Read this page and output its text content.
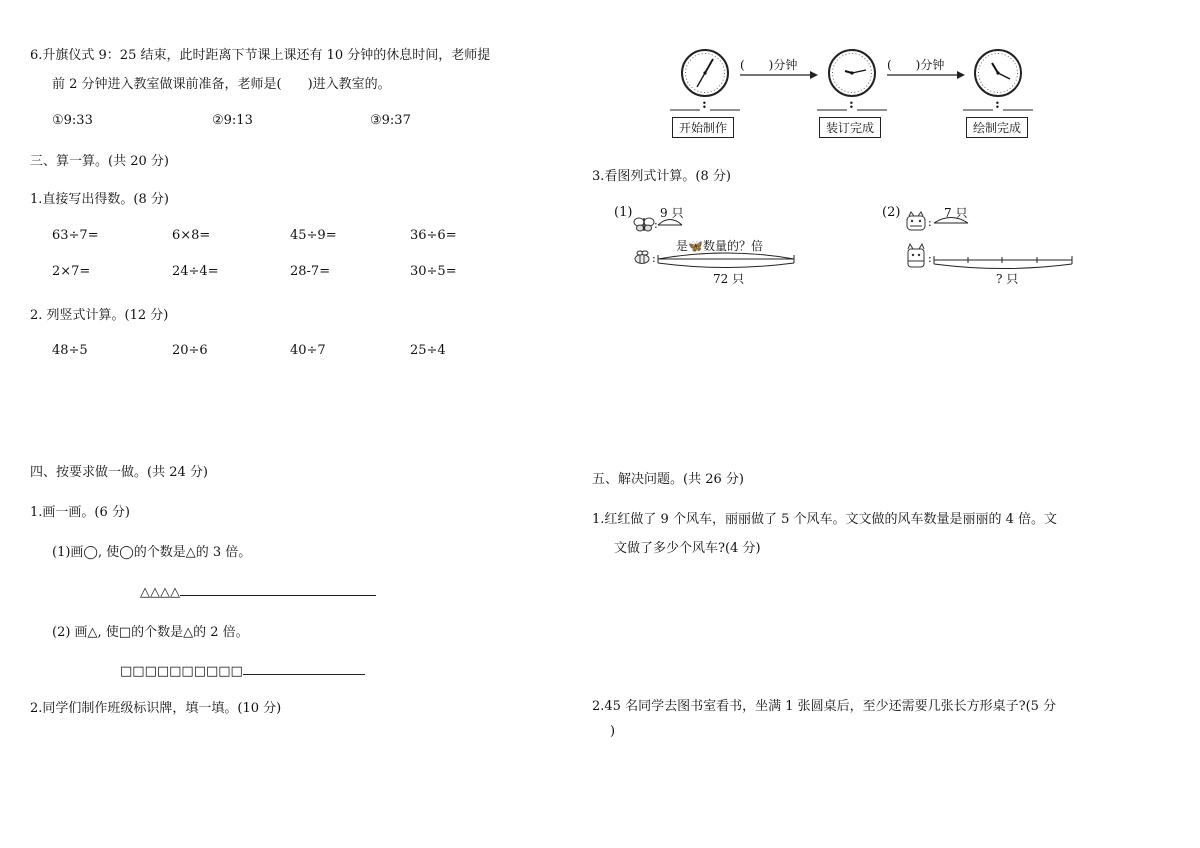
6.升旗仪式 9：25 结束，此时距离下节课上课还有 10 分钟的休息时间，老师提
前 2 分钟进入教室做课前准备，老师是(　　)进入教室的。
①9:33	②9:13	③9:37
三、算一算。(共 20 分)
1.直接写出得数。(8 分)
63÷7=	6×8=	45÷9=	36÷6=
2×7=	24÷4=	28-7=	30÷5=
2. 列竖式计算。(12 分)
48÷5	20÷6	40÷7	25÷4
四、按要求做一做。(共 24 分)
1.画一画。(6 分)
(1)画◯, 使◯的个数是△的 3 倍。
△△△△
(2) 画△, 使□的个数是△的 2 倍。
□□□□□□□□□□
2.同学们制作班级标识牌，填一填。(10 分)
(　　)分钟	(　　)分钟
:	:	:
开始制作	装订完成	绘制完成
3.看图列式计算。(8 分)
(1) 9 只
:
:
是🦋数量的？倍
72 只
(2)	7 只
:
:
? 只
五、解决问题。(共 26 分)
1.红红做了 9 个风车，丽丽做了 5 个风车。文文做的风车数量是丽丽的 4 倍。文
文做了多少个风车?(4 分)
2.45 名同学去图书室看书，坐满 1 张圆桌后，至少还需要几张长方形桌子?(5 分
)
